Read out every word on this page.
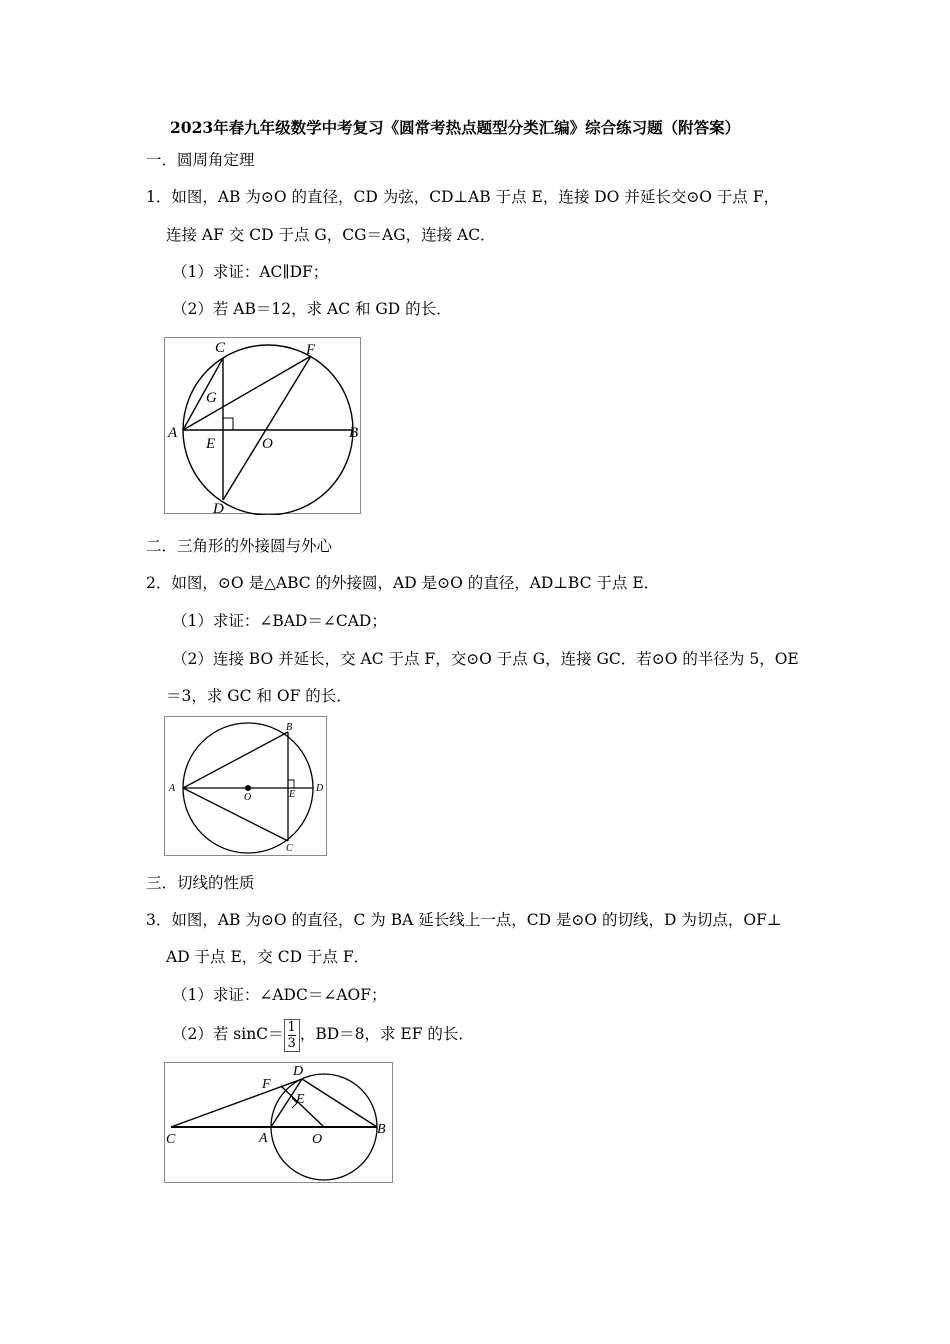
2023年春九年级数学中考复习《圆常考热点题型分类汇编》综合练习题（附答案）
一．圆周角定理
1．如图，AB 为⊙O 的直径，CD 为弦，CD⊥AB 于点 E，连接 DO 并延长交⊙O 于点 F，
连接 AF 交 CD 于点 G，CG＝AG，连接 AC．
（1）求证：AC∥DF；
（2）若 AB＝12，求 AC 和 GD 的长．
C	F
G
A
E	O
B
D
二．三角形的外接圆与外心
2．如图，⊙O 是△ABC 的外接圆，AD 是⊙O 的直径，AD⊥BC 于点 E．
（1）求证：∠BAD＝∠CAD；
（2）连接 BO 并延长，交 AC 于点 F，交⊙O 于点 G，连接 GC．若⊙O 的半径为 5，OE
＝3，求 GC 和 OF 的长．
A
B
O	E
D
C
三．切线的性质
3．如图，AB 为⊙O 的直径，C 为 BA 延长线上一点，CD 是⊙O 的切线，D 为切点，OF⊥
AD 于点 E，交 CD 于点 F．
（1）求证：∠ADC＝∠AOF；
（2）若 $\sin C= \frac{1}{3}$ ，BD＝8，求 EF 的长．
F
D
E
C	A	O
B
